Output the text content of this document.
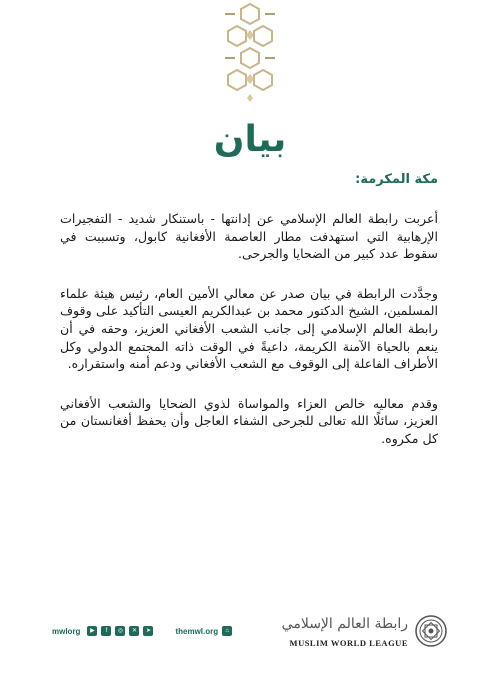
بيان
مكة المكرمة:

أعربت رابطة العالم الإسلامي عن إدانتها - باستنكار شديد - التفجيرات الإرهابية التي استهدفت مطار العاصمة الأفغانية كابول، وتسببت في سقوط عدد كبير من الضحايا والجرحى.

وجدَّدت الرابطة في بيان صدر عن معالي الأمين العام، رئيس هيئة علماء المسلمين، الشيخ الدكتور محمد بن عبدالكريم العيسى التأكيد على وقوف رابطة العالم الإسلامي إلى جانب الشعب الأفغاني العزيز، وحقه في أن ينعم بالحياة الآمنة الكريمة، داعيةً في الوقت ذاته المجتمع الدولي وكل الأطراف الفاعلة إلى الوقوف مع الشعب الأفغاني ودعم أمنه واستقراره.

وقدم معاليه خالص العزاء والمواساة لذوي الضحايا والشعب الأفغاني العزيز، سائلًا الله تعالى للجرحى الشفاء العاجل وأن يحفظ أفغانستان من كل مكروه.

mwlorg	▶	f	◎	✕	➤	themwl.org	⌂	رابطة العالم الإسلامي
MUSLIM WORLD LEAGUE
